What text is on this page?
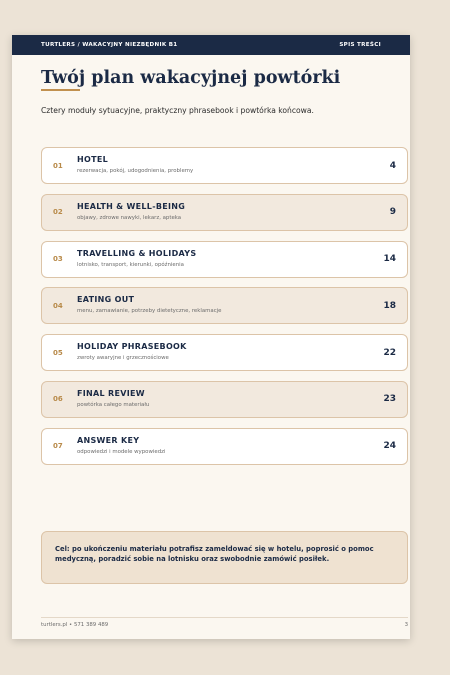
TURTLERS / WAKACYJNY NIEZBĘDNIK B1	SPIS TREŚCI
Twój plan wakacyjnej powtórki
Cztery moduły sytuacyjne, praktyczny phrasebook i powtórka końcowa.
01
HOTEL
rezerwacja, pokój, udogodnienia, problemy
4
02
HEALTH & WELL-BEING
objawy, zdrowe nawyki, lekarz, apteka
9
03
TRAVELLING & HOLIDAYS
lotnisko, transport, kierunki, opóźnienia
14
04
EATING OUT
menu, zamawianie, potrzeby dietetyczne, reklamacje
18
05
HOLIDAY PHRASEBOOK
zwroty awaryjne i grzecznościowe
22
06
FINAL REVIEW
powtórka całego materiału
23
07
ANSWER KEY
odpowiedzi i modele wypowiedzi
24
Cel: po ukończeniu materiału potrafisz zameldować się w hotelu, poprosić o pomoc medyczną, poradzić sobie na lotnisku oraz swobodnie zamówić posiłek.
turtlers.pl • 571 389 489	3
